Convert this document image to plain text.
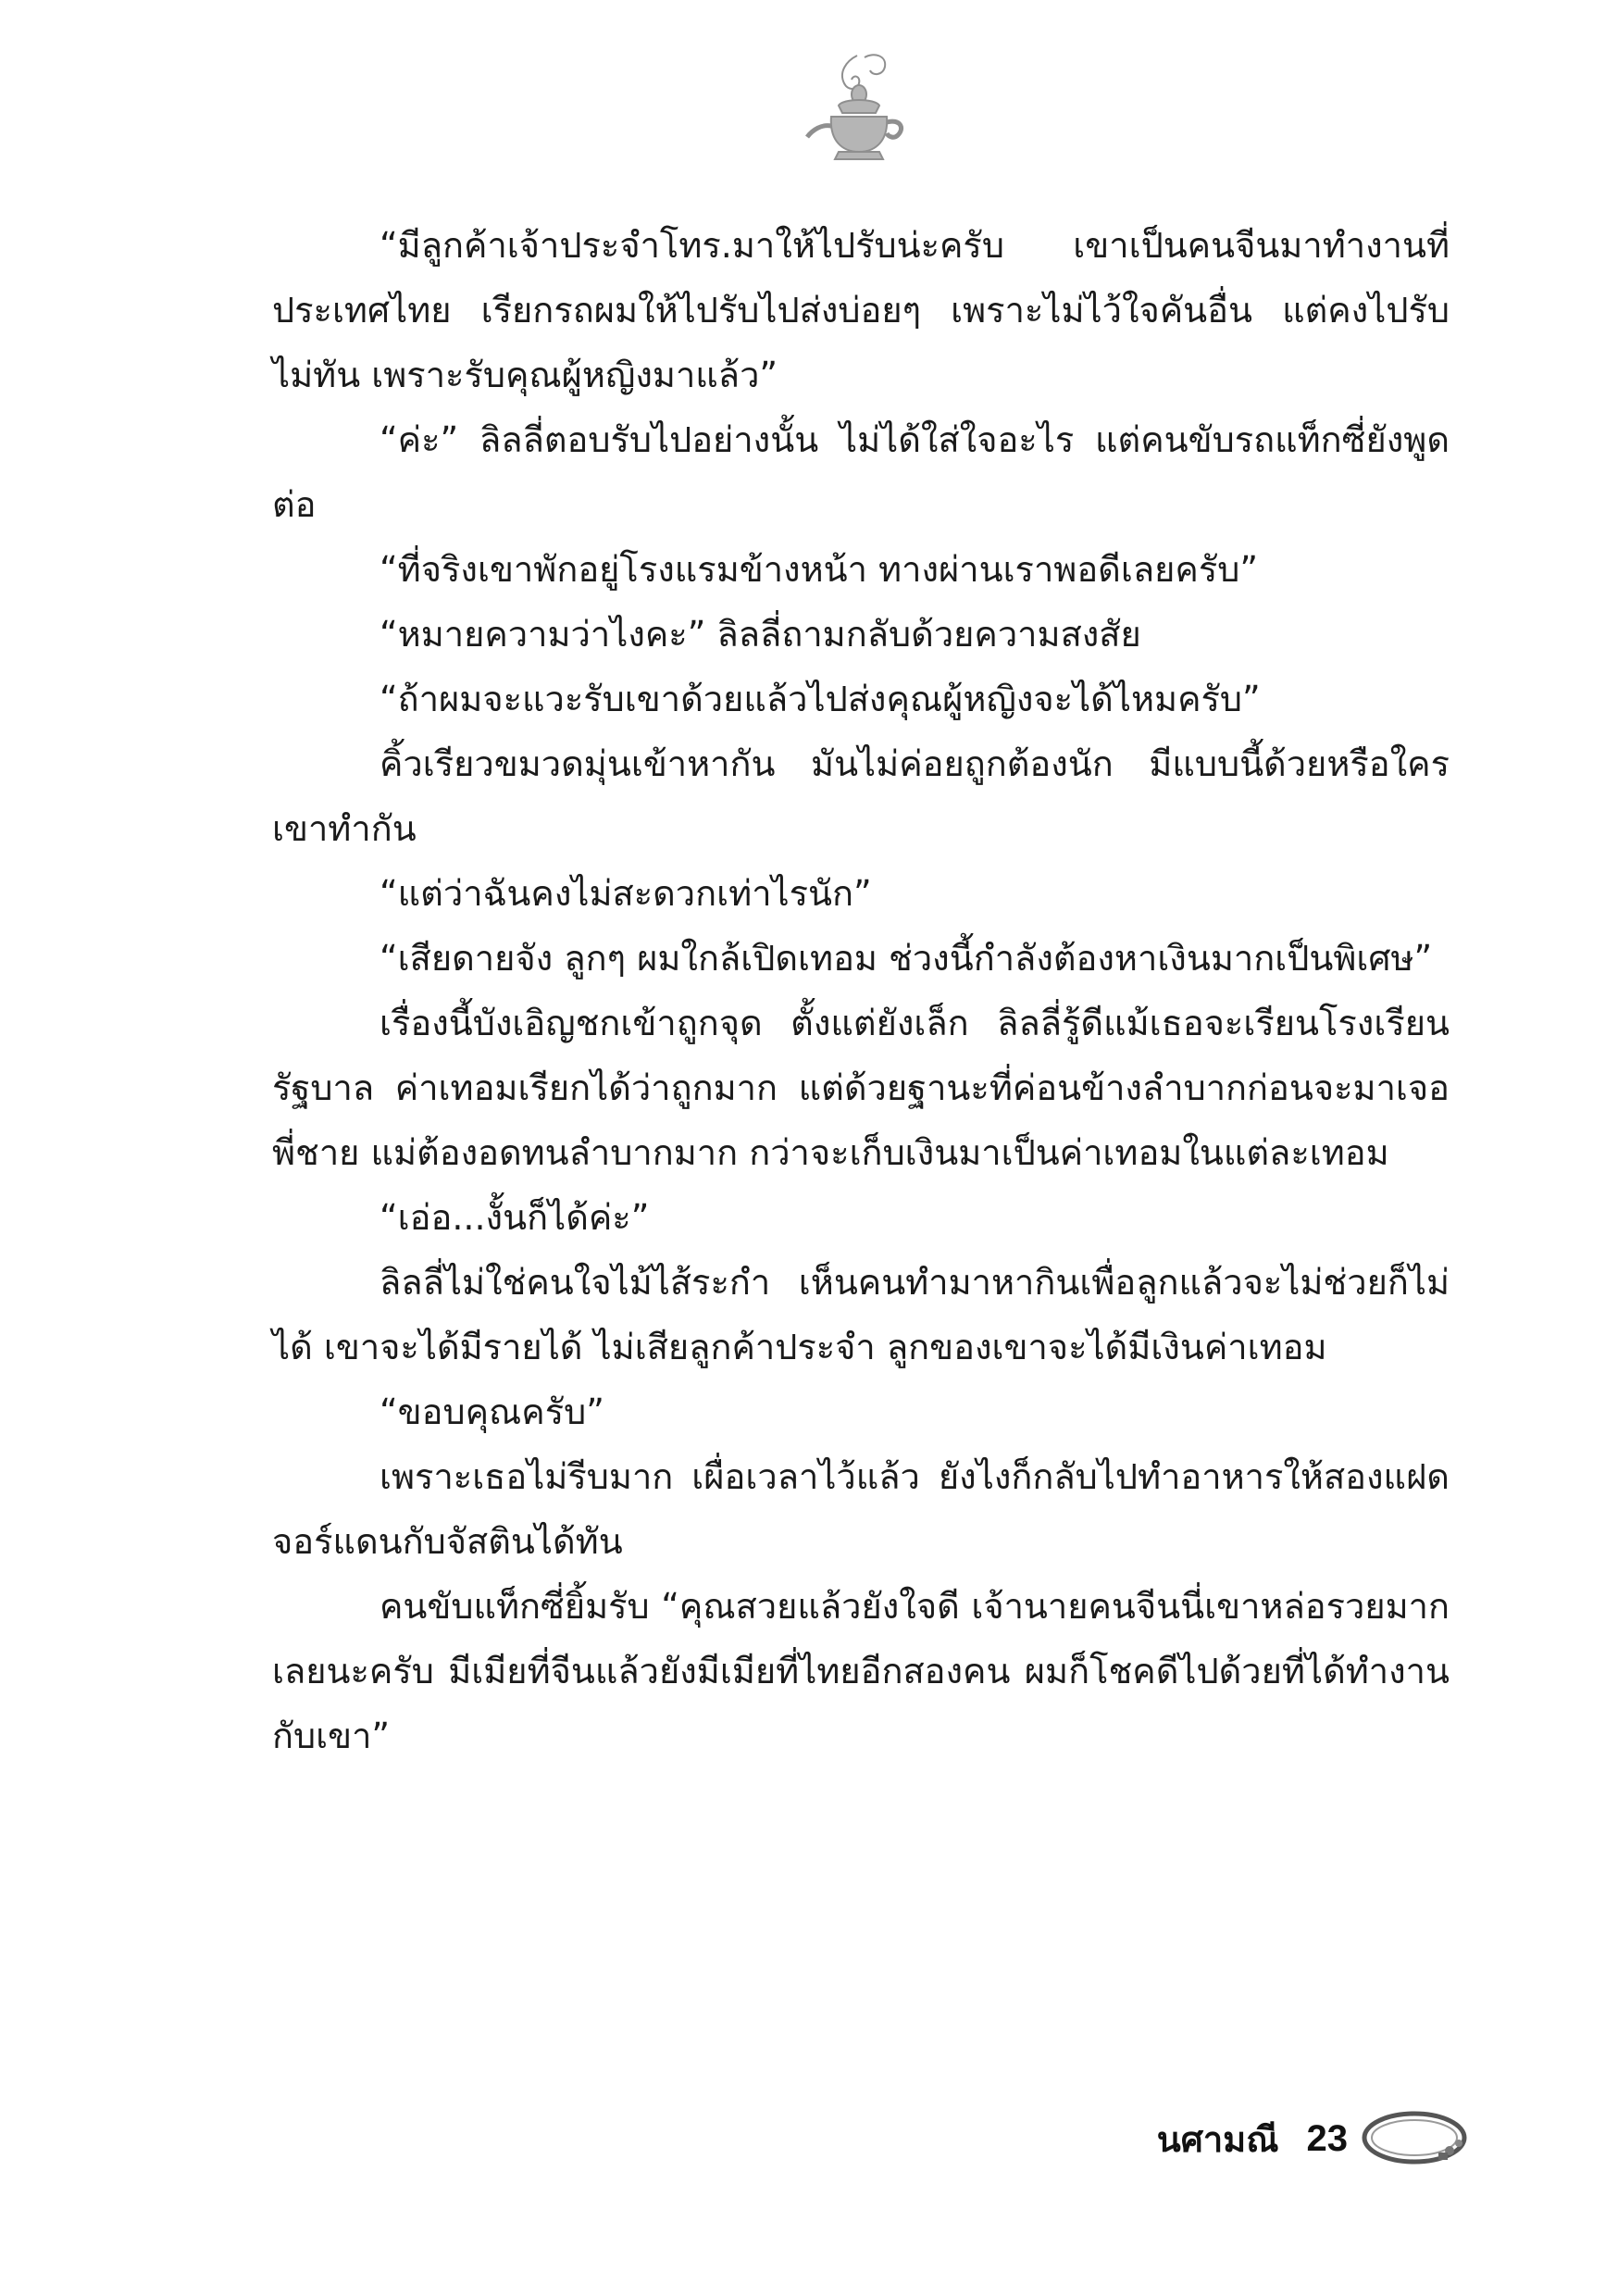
“มีลูกค้าเจ้าประจำโทร.มาให้ไปรับน่ะครับ เขาเป็นคนจีนมาทำงานที่ประเทศไทย เรียกรถผมให้ไปรับไปส่งบ่อยๆ เพราะไม่ไว้ใจคันอื่น แต่คงไปรับไม่ทัน เพราะรับคุณผู้หญิงมาแล้ว”

“ค่ะ” ลิลลี่ตอบรับไปอย่างนั้น ไม่ได้ใส่ใจอะไร แต่คนขับรถแท็กซี่ยังพูดต่อ

“ที่จริงเขาพักอยู่โรงแรมข้างหน้า ทางผ่านเราพอดีเลยครับ”

“หมายความว่าไงคะ” ลิลลี่ถามกลับด้วยความสงสัย

“ถ้าผมจะแวะรับเขาด้วยแล้วไปส่งคุณผู้หญิงจะได้ไหมครับ”

คิ้วเรียวขมวดมุ่นเข้าหากัน มันไม่ค่อยถูกต้องนัก มีแบบนี้ด้วยหรือใครเขาทำกัน

“แต่ว่าฉันคงไม่สะดวกเท่าไรนัก”

“เสียดายจัง ลูกๆ ผมใกล้เปิดเทอม ช่วงนี้กำลังต้องหาเงินมากเป็นพิเศษ”

เรื่องนี้บังเอิญชกเข้าถูกจุด ตั้งแต่ยังเล็ก ลิลลี่รู้ดีแม้เธอจะเรียนโรงเรียนรัฐบาล ค่าเทอมเรียกได้ว่าถูกมาก แต่ด้วยฐานะที่ค่อนข้างลำบากก่อนจะมาเจอพี่ชาย แม่ต้องอดทนลำบากมาก กว่าจะเก็บเงินมาเป็นค่าเทอมในแต่ละเทอม

“เอ่อ...งั้นก็ได้ค่ะ”

ลิลลี่ไม่ใช่คนใจไม้ไส้ระกำ เห็นคนทำมาหากินเพื่อลูกแล้วจะไม่ช่วยก็ไม่ได้ เขาจะได้มีรายได้ ไม่เสียลูกค้าประจำ ลูกของเขาจะได้มีเงินค่าเทอม

“ขอบคุณครับ”

เพราะเธอไม่รีบมาก เผื่อเวลาไว้แล้ว ยังไงก็กลับไปทำอาหารให้สองแฝดจอร์แดนกับจัสตินได้ทัน

คนขับแท็กซี่ยิ้มรับ “คุณสวยแล้วยังใจดี เจ้านายคนจีนนี่เขาหล่อรวยมากเลยนะครับ มีเมียที่จีนแล้วยังมีเมียที่ไทยอีกสองคน ผมก็โชคดีไปด้วยที่ได้ทำงานกับเขา”

นศามณี 23
